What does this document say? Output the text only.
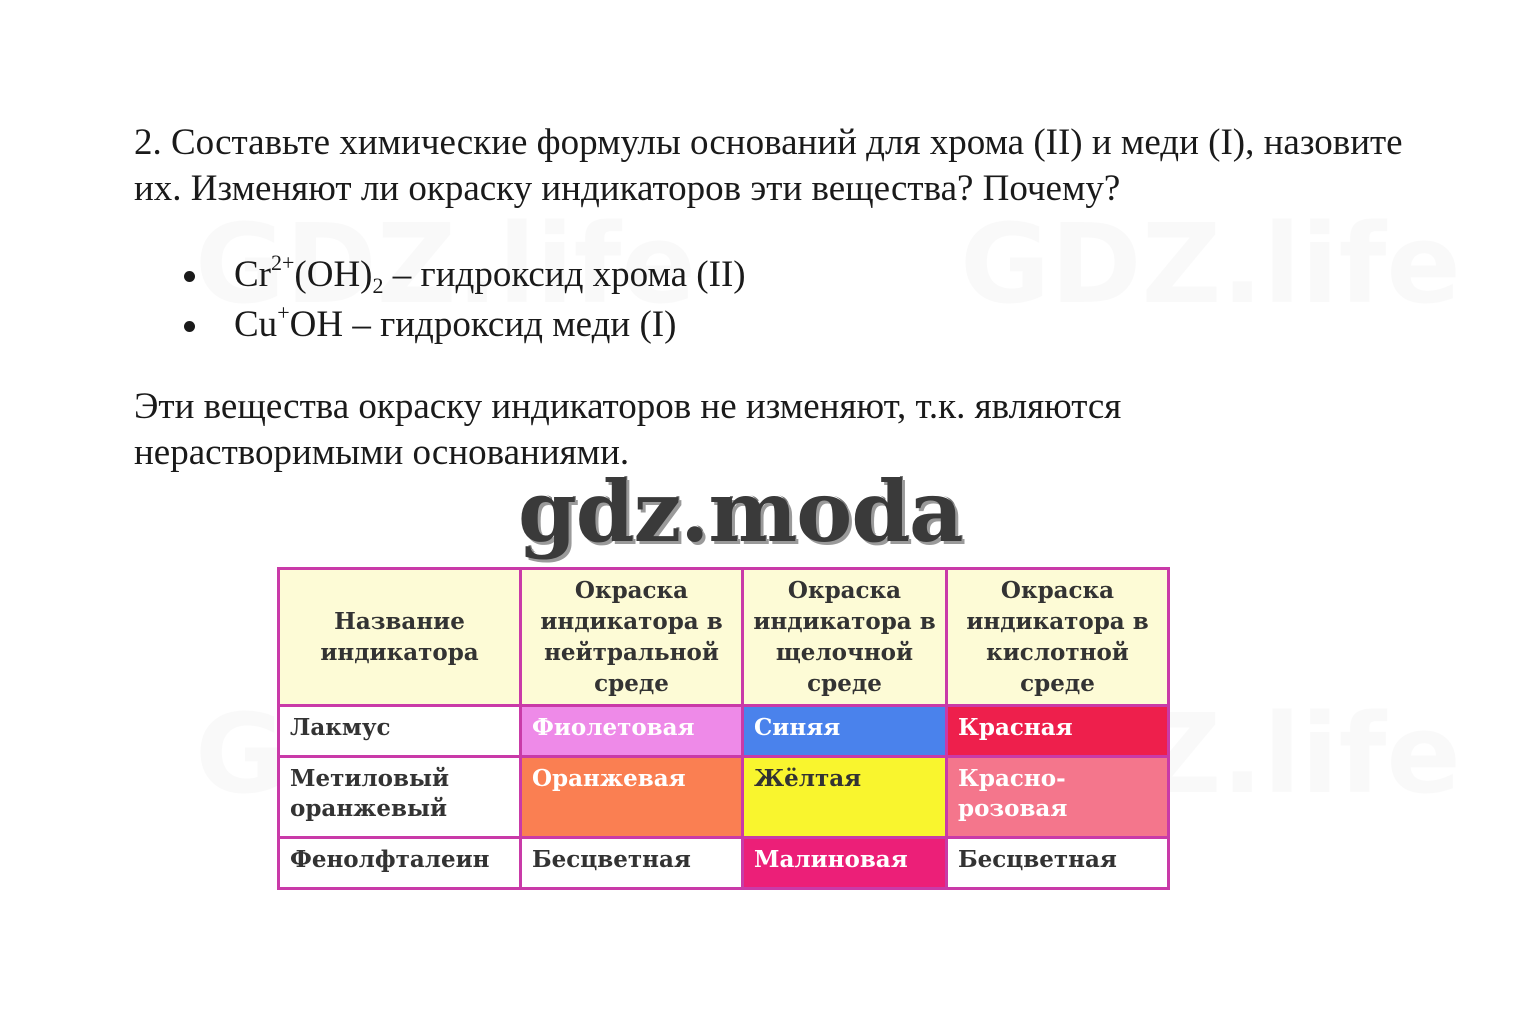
2. Составьте химические формулы оснований для хрома (II) и меди (I), назовите их. Изменяют ли окраску индикаторов эти вещества? Почему?

$Cr^{2+}(OH)_2$ – гидроксид хрома (II)
Cu+OH – гидроксид меди (I)

Эти вещества окраску индикаторов не изменяют, т.к. являются нерастворимыми основаниями.

gdz.moda
Название индикатора	Окраска индикатора в нейтральной среде	Окраска индикатора в щелочной среде	Окраска индикатора в кислотной среде
Лакмус	Фиолетовая	Синяя	Красная
Метиловый оранжевый	Оранжевая	Жёлтая	Красно-розовая
Фенолфталеин	Бесцветная	Малиновая	Бесцветная
